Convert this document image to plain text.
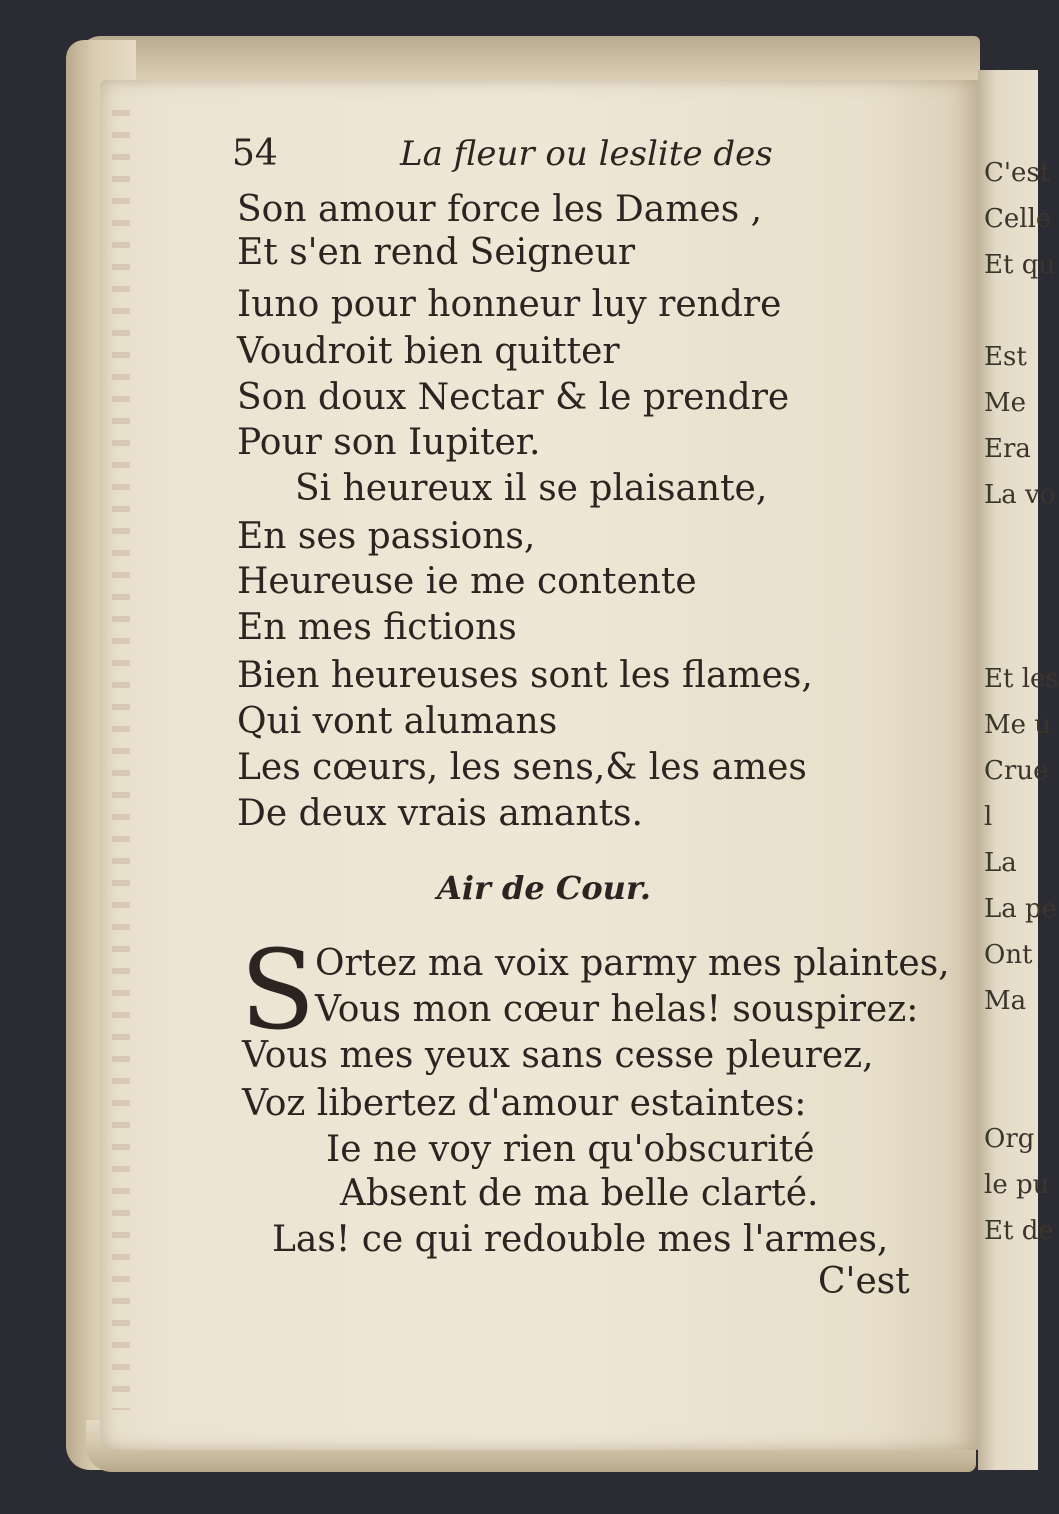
C'est
Celle
Et qu
Est
Me
Era
La vo
Et les
Me u
Crue
l
La
La pe
Ont
Ma
Org
le pu
Et de
54	La fleur ou leslite des
Son amour force les Dames ,
Et s'en rend Seigneur
Iuno pour honneur luy rendre
Voudroit bien quitter
Son doux Nectar & le prendre
Pour son Iupiter.
Si heureux il se plaisante,
En ses passions,
Heureuse ie me contente
En mes fictions
Bien heureuses sont les flames,
Qui vont alumans
Les cœurs, les sens,& les ames
De deux vrais amants.
Air de Cour.
S Ortez ma voix parmy mes plaintes,
Vous mon cœur helas! souspirez:
Vous mes yeux sans cesse pleurez,
Voz libertez d'amour estaintes:
Ie ne voy rien qu'obscurité
Absent de ma belle clarté.
Las! ce qui redouble mes l'armes,
C'est
